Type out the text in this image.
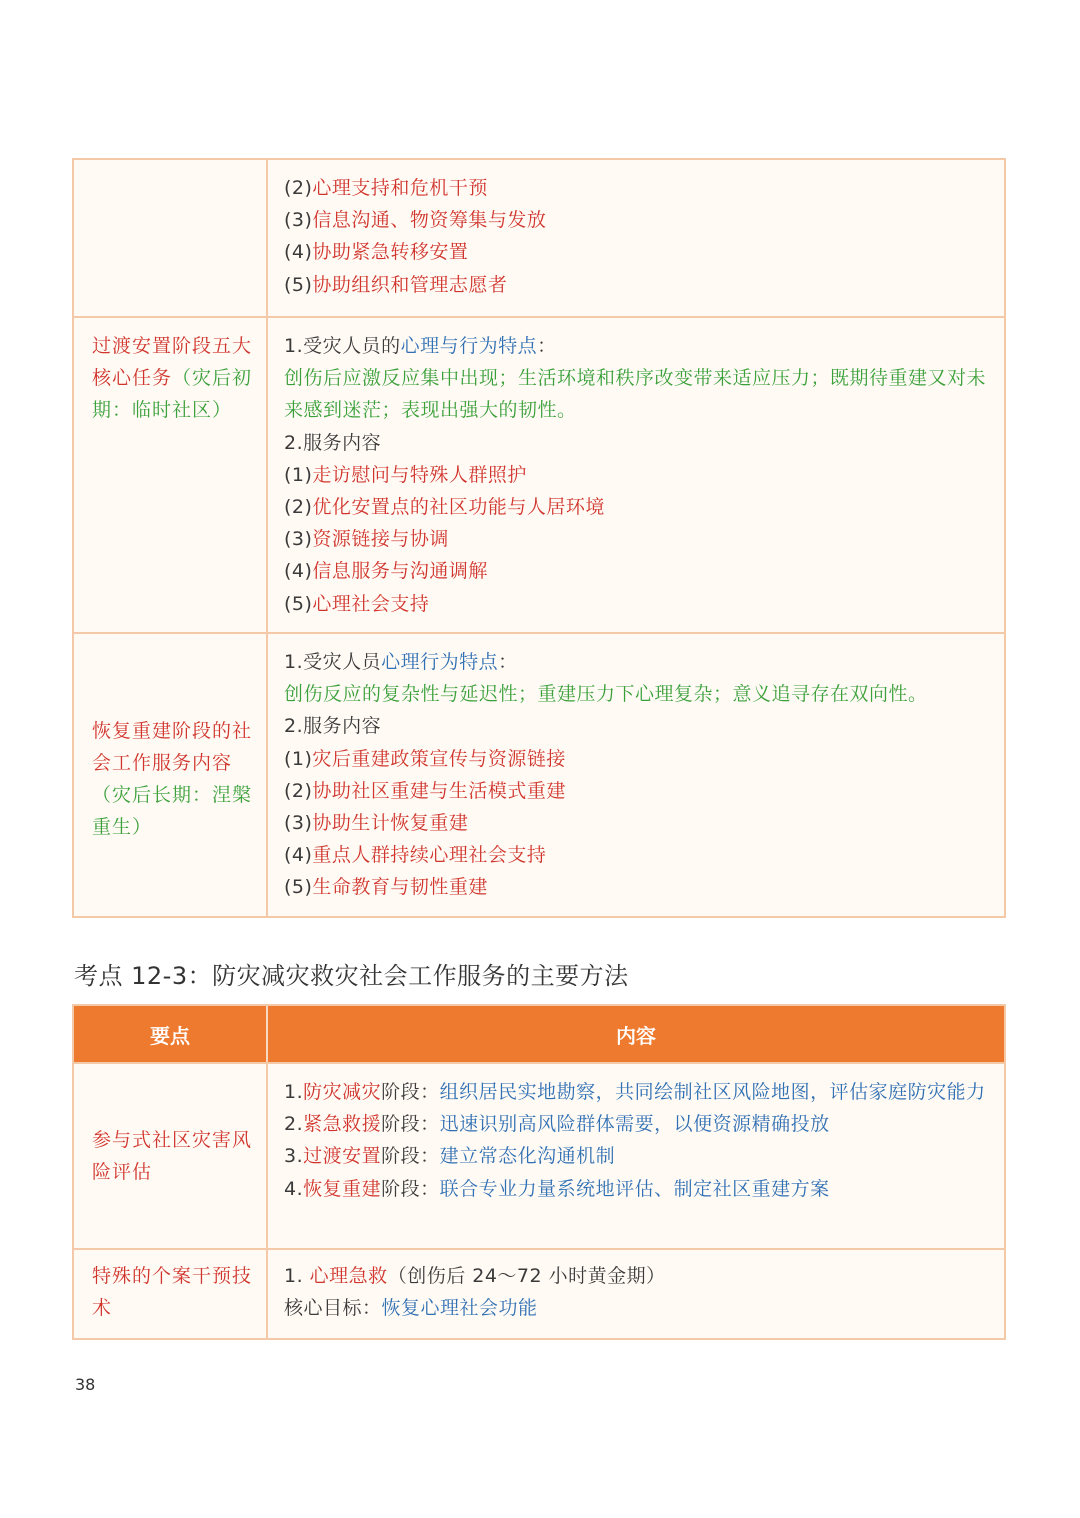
(2)心理支持和危机干预
(3)信息沟通、物资筹集与发放
(4)协助紧急转移安置
(5)协助组织和管理志愿者
过渡安置阶段五大核心任务（灾后初期：临时社区）
1.受灾人员的心理与行为特点：
创伤后应激反应集中出现；生活环境和秩序改变带来适应压力；既期待重建又对未来感到迷茫；表现出强大的韧性。
2.服务内容
(1)走访慰问与特殊人群照护
(2)优化安置点的社区功能与人居环境
(3)资源链接与协调
(4)信息服务与沟通调解
(5)心理社会支持
恢复重建阶段的社会工作服务内容（灾后长期：涅槃重生）
1.受灾人员心理行为特点：
创伤反应的复杂性与延迟性；重建压力下心理复杂；意义追寻存在双向性。
2.服务内容
(1)灾后重建政策宣传与资源链接
(2)协助社区重建与生活模式重建
(3)协助生计恢复重建
(4)重点人群持续心理社会支持
(5)生命教育与韧性重建
考点 12-3：防灾减灾救灾社会工作服务的主要方法
要点	内容
参与式社区灾害风险评估
1.防灾减灾阶段：组织居民实地勘察，共同绘制社区风险地图，评估家庭防灾能力
2.紧急救援阶段：迅速识别高风险群体需要，以便资源精确投放
3.过渡安置阶段：建立常态化沟通机制
4.恢复重建阶段：联合专业力量系统地评估、制定社区重建方案
特殊的个案干预技术
1. 心理急救（创伤后 24～72 小时黄金期）
核心目标：恢复心理社会功能
38
